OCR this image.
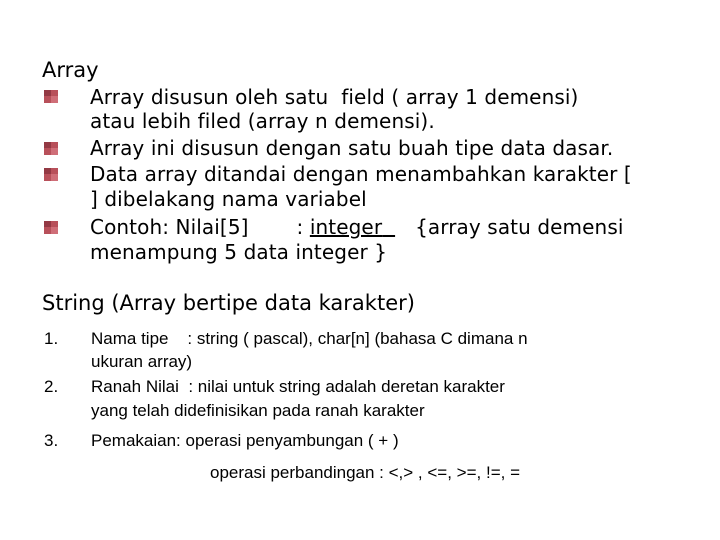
Array
Array disusun oleh satu  field ( array 1 demensi)
atau lebih filed (array n demensi).
Array ini disusun dengan satu buah tipe data dasar.
Data array ditandai dengan menambahkan karakter [
] dibelakang nama variabel
Contoh: Nilai[5] : integer {array satu demensi
menampung 5 data integer }
String (Array bertipe data karakter)
1. Nama tipe    : string ( pascal), char[n] (bahasa C dimana n
ukuran array)
2. Ranah Nilai  : nilai untuk string adalah deretan karakter
yang telah didefinisikan pada ranah karakter
3. Pemakaian: operasi penyambungan ( + )
operasi perbandingan : <,> , <=, >=, !=, =
